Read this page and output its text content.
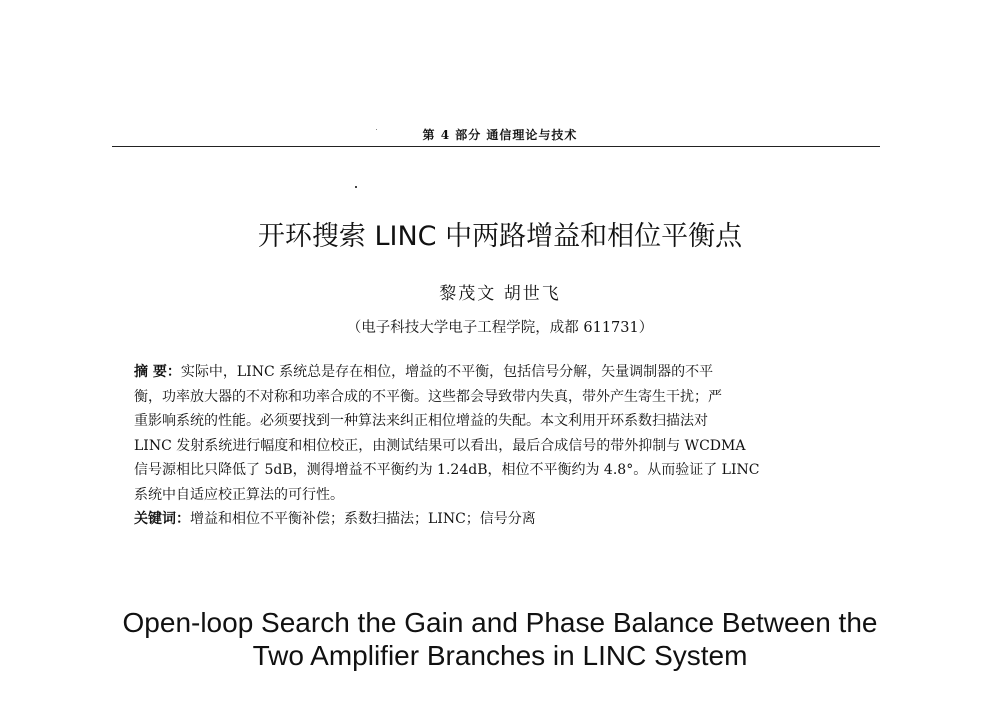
第 4 部分 通信理论与技术
开环搜索 LINC 中两路增益和相位平衡点
黎茂文 胡世飞
（电子科技大学电子工程学院，成都 611731）
摘 要：实际中，LINC 系统总是存在相位，增益的不平衡，包括信号分解，矢量调制器的不平
衡，功率放大器的不对称和功率合成的不平衡。这些都会导致带内失真，带外产生寄生干扰；严
重影响系统的性能。必须要找到一种算法来纠正相位增益的失配。本文利用开环系数扫描法对
LINC 发射系统进行幅度和相位校正，由测试结果可以看出，最后合成信号的带外抑制与 WCDMA
信号源相比只降低了 5dB，测得增益不平衡约为 1.24dB，相位不平衡约为 4.8°。从而验证了 LINC
系统中自适应校正算法的可行性。
关键词：增益和相位不平衡补偿；系数扫描法；LINC；信号分离
Open-loop Search the Gain and Phase Balance Between the
Two Amplifier Branches in LINC System
